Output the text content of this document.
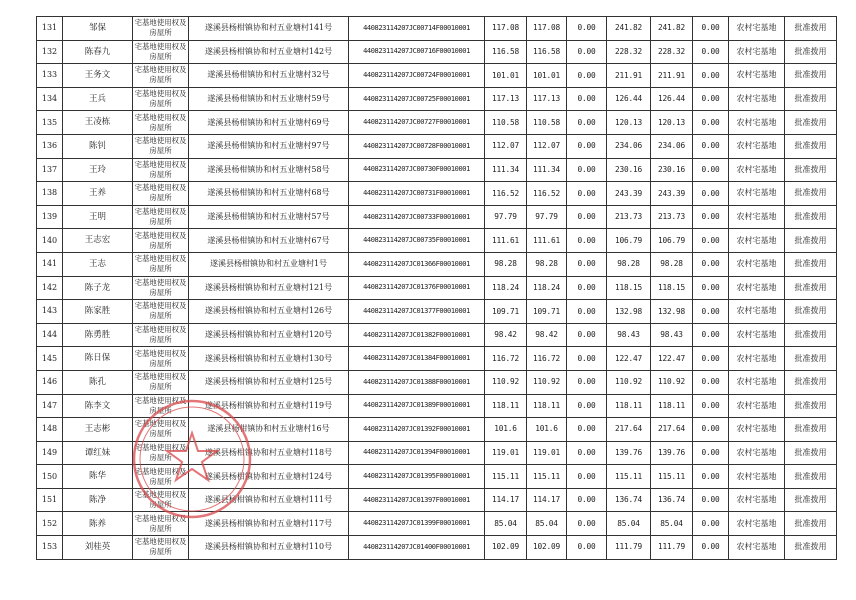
131	邹保	宅基地使用权及房屋所	遂溪县杨柑镇协和村五业塘村141号	440823114207JC00714F00010001	117.08	117.08	0.00	241.82	241.82	0.00	农村宅基地	批准拨用
132	陈春九	宅基地使用权及房屋所	遂溪县杨柑镇协和村五业塘村142号	440823114207JC00716F00010001	116.58	116.58	0.00	228.32	228.32	0.00	农村宅基地	批准拨用
133	王务文	宅基地使用权及房屋所	遂溪县杨柑镇协和村五业塘村32号	440823114207JC00724F00010001	101.01	101.01	0.00	211.91	211.91	0.00	农村宅基地	批准拨用
134	王兵	宅基地使用权及房屋所	遂溪县杨柑镇协和村五业塘村59号	440823114207JC00725F00010001	117.13	117.13	0.00	126.44	126.44	0.00	农村宅基地	批准拨用
135	王凌栋	宅基地使用权及房屋所	遂溪县杨柑镇协和村五业塘村69号	440823114207JC00727F00010001	110.58	110.58	0.00	120.13	120.13	0.00	农村宅基地	批准拨用
136	陈钊	宅基地使用权及房屋所	遂溪县杨柑镇协和村五业塘村97号	440823114207JC00728F00010001	112.07	112.07	0.00	234.06	234.06	0.00	农村宅基地	批准拨用
137	王玲	宅基地使用权及房屋所	遂溪县杨柑镇协和村五业塘村58号	440823114207JC00730F00010001	111.34	111.34	0.00	230.16	230.16	0.00	农村宅基地	批准拨用
138	王养	宅基地使用权及房屋所	遂溪县杨柑镇协和村五业塘村68号	440823114207JC00731F00010001	116.52	116.52	0.00	243.39	243.39	0.00	农村宅基地	批准拨用
139	王明	宅基地使用权及房屋所	遂溪县杨柑镇协和村五业塘村57号	440823114207JC00733F00010001	97.79	97.79	0.00	213.73	213.73	0.00	农村宅基地	批准拨用
140	王志宏	宅基地使用权及房屋所	遂溪县杨柑镇协和村五业塘村67号	440823114207JC00735F00010001	111.61	111.61	0.00	106.79	106.79	0.00	农村宅基地	批准拨用
141	王志	宅基地使用权及房屋所	遂溪县杨柑镇协和村五业塘村1号	440823114207JC01366F00010001	98.28	98.28	0.00	98.28	98.28	0.00	农村宅基地	批准拨用
142	陈子龙	宅基地使用权及房屋所	遂溪县杨柑镇协和村五业塘村121号	440823114207JC01376F00010001	118.24	118.24	0.00	118.15	118.15	0.00	农村宅基地	批准拨用
143	陈家胜	宅基地使用权及房屋所	遂溪县杨柑镇协和村五业塘村126号	440823114207JC01377F00010001	109.71	109.71	0.00	132.98	132.98	0.00	农村宅基地	批准拨用
144	陈勇胜	宅基地使用权及房屋所	遂溪县杨柑镇协和村五业塘村120号	440823114207JC01382F00010001	98.42	98.42	0.00	98.43	98.43	0.00	农村宅基地	批准拨用
145	陈日保	宅基地使用权及房屋所	遂溪县杨柑镇协和村五业塘村130号	440823114207JC01384F00010001	116.72	116.72	0.00	122.47	122.47	0.00	农村宅基地	批准拨用
146	陈孔	宅基地使用权及房屋所	遂溪县杨柑镇协和村五业塘村125号	440823114207JC01388F00010001	110.92	110.92	0.00	110.92	110.92	0.00	农村宅基地	批准拨用
147	陈李文	宅基地使用权及房屋所	遂溪县杨柑镇协和村五业塘村119号	440823114207JC01389F00010001	118.11	118.11	0.00	118.11	118.11	0.00	农村宅基地	批准拨用
148	王志彬	宅基地使用权及房屋所	遂溪县杨柑镇协和村五业塘村16号	440823114207JC01392F00010001	101.6	101.6	0.00	217.64	217.64	0.00	农村宅基地	批准拨用
149	谭红妹	宅基地使用权及房屋所	遂溪县杨柑镇协和村五业塘村118号	440823114207JC01394F00010001	119.01	119.01	0.00	139.76	139.76	0.00	农村宅基地	批准拨用
150	陈华	宅基地使用权及房屋所	遂溪县杨柑镇协和村五业塘村124号	440823114207JC01395F00010001	115.11	115.11	0.00	115.11	115.11	0.00	农村宅基地	批准拨用
151	陈净	宅基地使用权及房屋所	遂溪县杨柑镇协和村五业塘村111号	440823114207JC01397F00010001	114.17	114.17	0.00	136.74	136.74	0.00	农村宅基地	批准拨用
152	陈养	宅基地使用权及房屋所	遂溪县杨柑镇协和村五业塘村117号	440823114207JC01399F00010001	85.04	85.04	0.00	85.04	85.04	0.00	农村宅基地	批准拨用
153	刘桂英	宅基地使用权及房屋所	遂溪县杨柑镇协和村五业塘村110号	440823114207JC01400F00010001	102.09	102.09	0.00	111.79	111.79	0.00	农村宅基地	批准拨用
